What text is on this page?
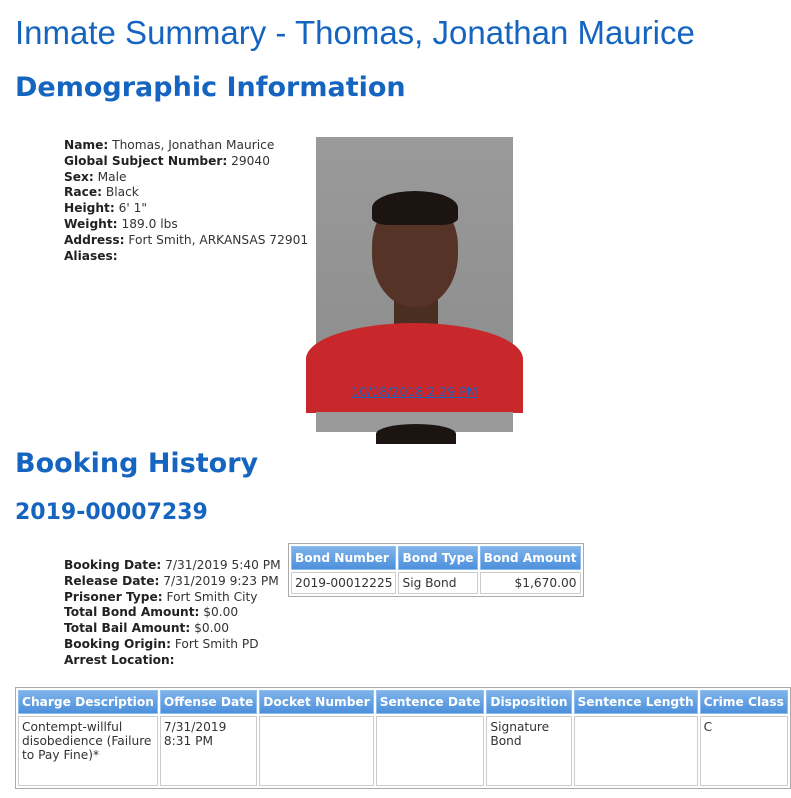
Inmate Summary - Thomas, Jonathan Maurice
Demographic Information
Name: Thomas, Jonathan Maurice
Global Subject Number: 29040
Sex: Male
Race: Black
Height: 6' 1"
Weight: 189.0 lbs
Address: Fort Smith, ARKANSAS 72901
Aliases:
10/18/2018 2:29 PM
Booking History
2019-00007239
Booking Date: 7/31/2019 5:40 PM
Release Date: 7/31/2019 9:23 PM
Prisoner Type: Fort Smith City
Total Bond Amount: $0.00
Total Bail Amount: $0.00
Booking Origin: Fort Smith PD
Arrest Location:
Bond Number	Bond Type	Bond Amount
2019-00012225	Sig Bond	$1,670.00
Charge Description	Offense Date	Docket Number	Sentence Date	Disposition	Sentence Length	Crime Class
Contempt-willful disobedience (Failure to Pay Fine)*	7/31/2019 8:31 PM			Signature Bond		C
